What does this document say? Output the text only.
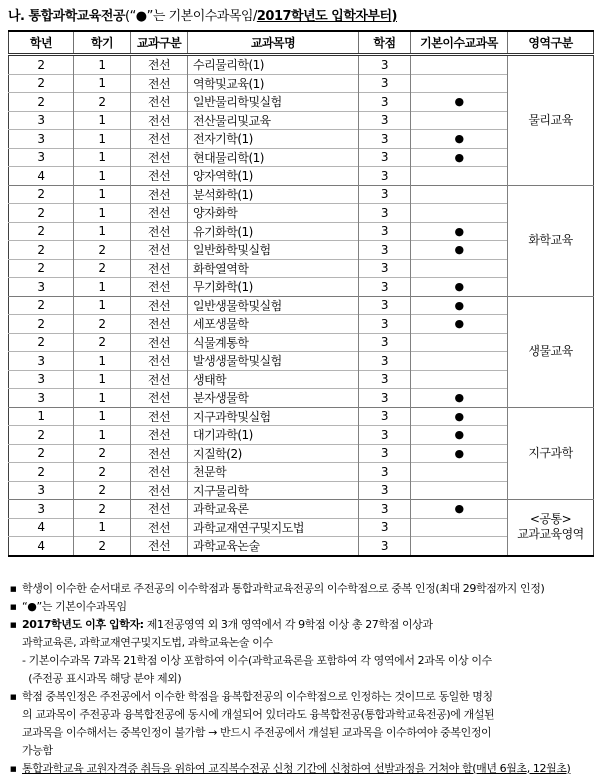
나. 통합과학교육전공(“●”는 기본이수과목임/2017학년도 입학자부터)
학년	학기	교과구분	교과목명	학점	기본이수교과목	영역구분
2	1	전선	수리물리학(1)	3		물리교육
2	1	전선	역학및교육(1)	3		
2	2	전선	일반물리학및실험	3	●	
3	1	전선	전산물리및교육	3		
3	1	전선	전자기학(1)	3	●	
3	1	전선	현대물리학(1)	3	●	
4	1	전선	양자역학(1)	3		
2	1	전선	분석화학(1)	3		화학교육
2	1	전선	양자화학	3		
2	1	전선	유기화학(1)	3	●	
2	2	전선	일반화학및실험	3	●	
2	2	전선	화학열역학	3		
3	1	전선	무기화학(1)	3	●	
2	1	전선	일반생물학및실험	3	●	생물교육
2	2	전선	세포생물학	3	●	
2	2	전선	식물계통학	3		
3	1	전선	발생생물학및실험	3		
3	1	전선	생태학	3		
3	1	전선	분자생물학	3	●	
1	1	전선	지구과학및실험	3	●	지구과학
2	1	전선	대기과학(1)	3	●	
2	2	전선	지질학(2)	3	●	
2	2	전선	천문학	3		
3	2	전선	지구물리학	3		
3	2	전선	과학교육론	3	●	<공통>
교과교육영역
4	1	전선	과학교재연구및지도법	3		
4	2	전선	과학교육논술	3		
■ 학생이 이수한 순서대로 주전공의 이수학점과 통합과학교육전공의 이수학점으로 중복 인정(최대 29학점까지 인정)
■ “●”는 기본이수과목임
■ 2017학년도 이후 입학자: 제1전공영역 외 3개 영역에서 각 9학점 이상 총 27학점 이상과
과학교육론, 과학교재연구및지도법, 과학교육논술 이수
- 기본이수과목 7과목 21학점 이상 포함하여 이수(과학교육론을 포함하여 각 영역에서 2과목 이상 이수
(주전공 표시과목 해당 분야 제외)
■ 학점 중복인정은 주전공에서 이수한 학점을 융복합전공의 이수학점으로 인정하는 것이므로 동일한 명칭
의 교과목이 주전공과 융복합전공에 동시에 개설되어 있더라도 융복합전공(통합과학교육전공)에 개설된
교과목을 이수해서는 중복인정이 불가함 → 반드시 주전공에서 개설된 교과목을 이수하여야 중복인정이
가능함
■ 통합과학교육 교원자격증 취득을 위하여 교직복수전공 신청 기간에 신청하여 선발과정을 거쳐야 함(매년 6월초, 12월초)
